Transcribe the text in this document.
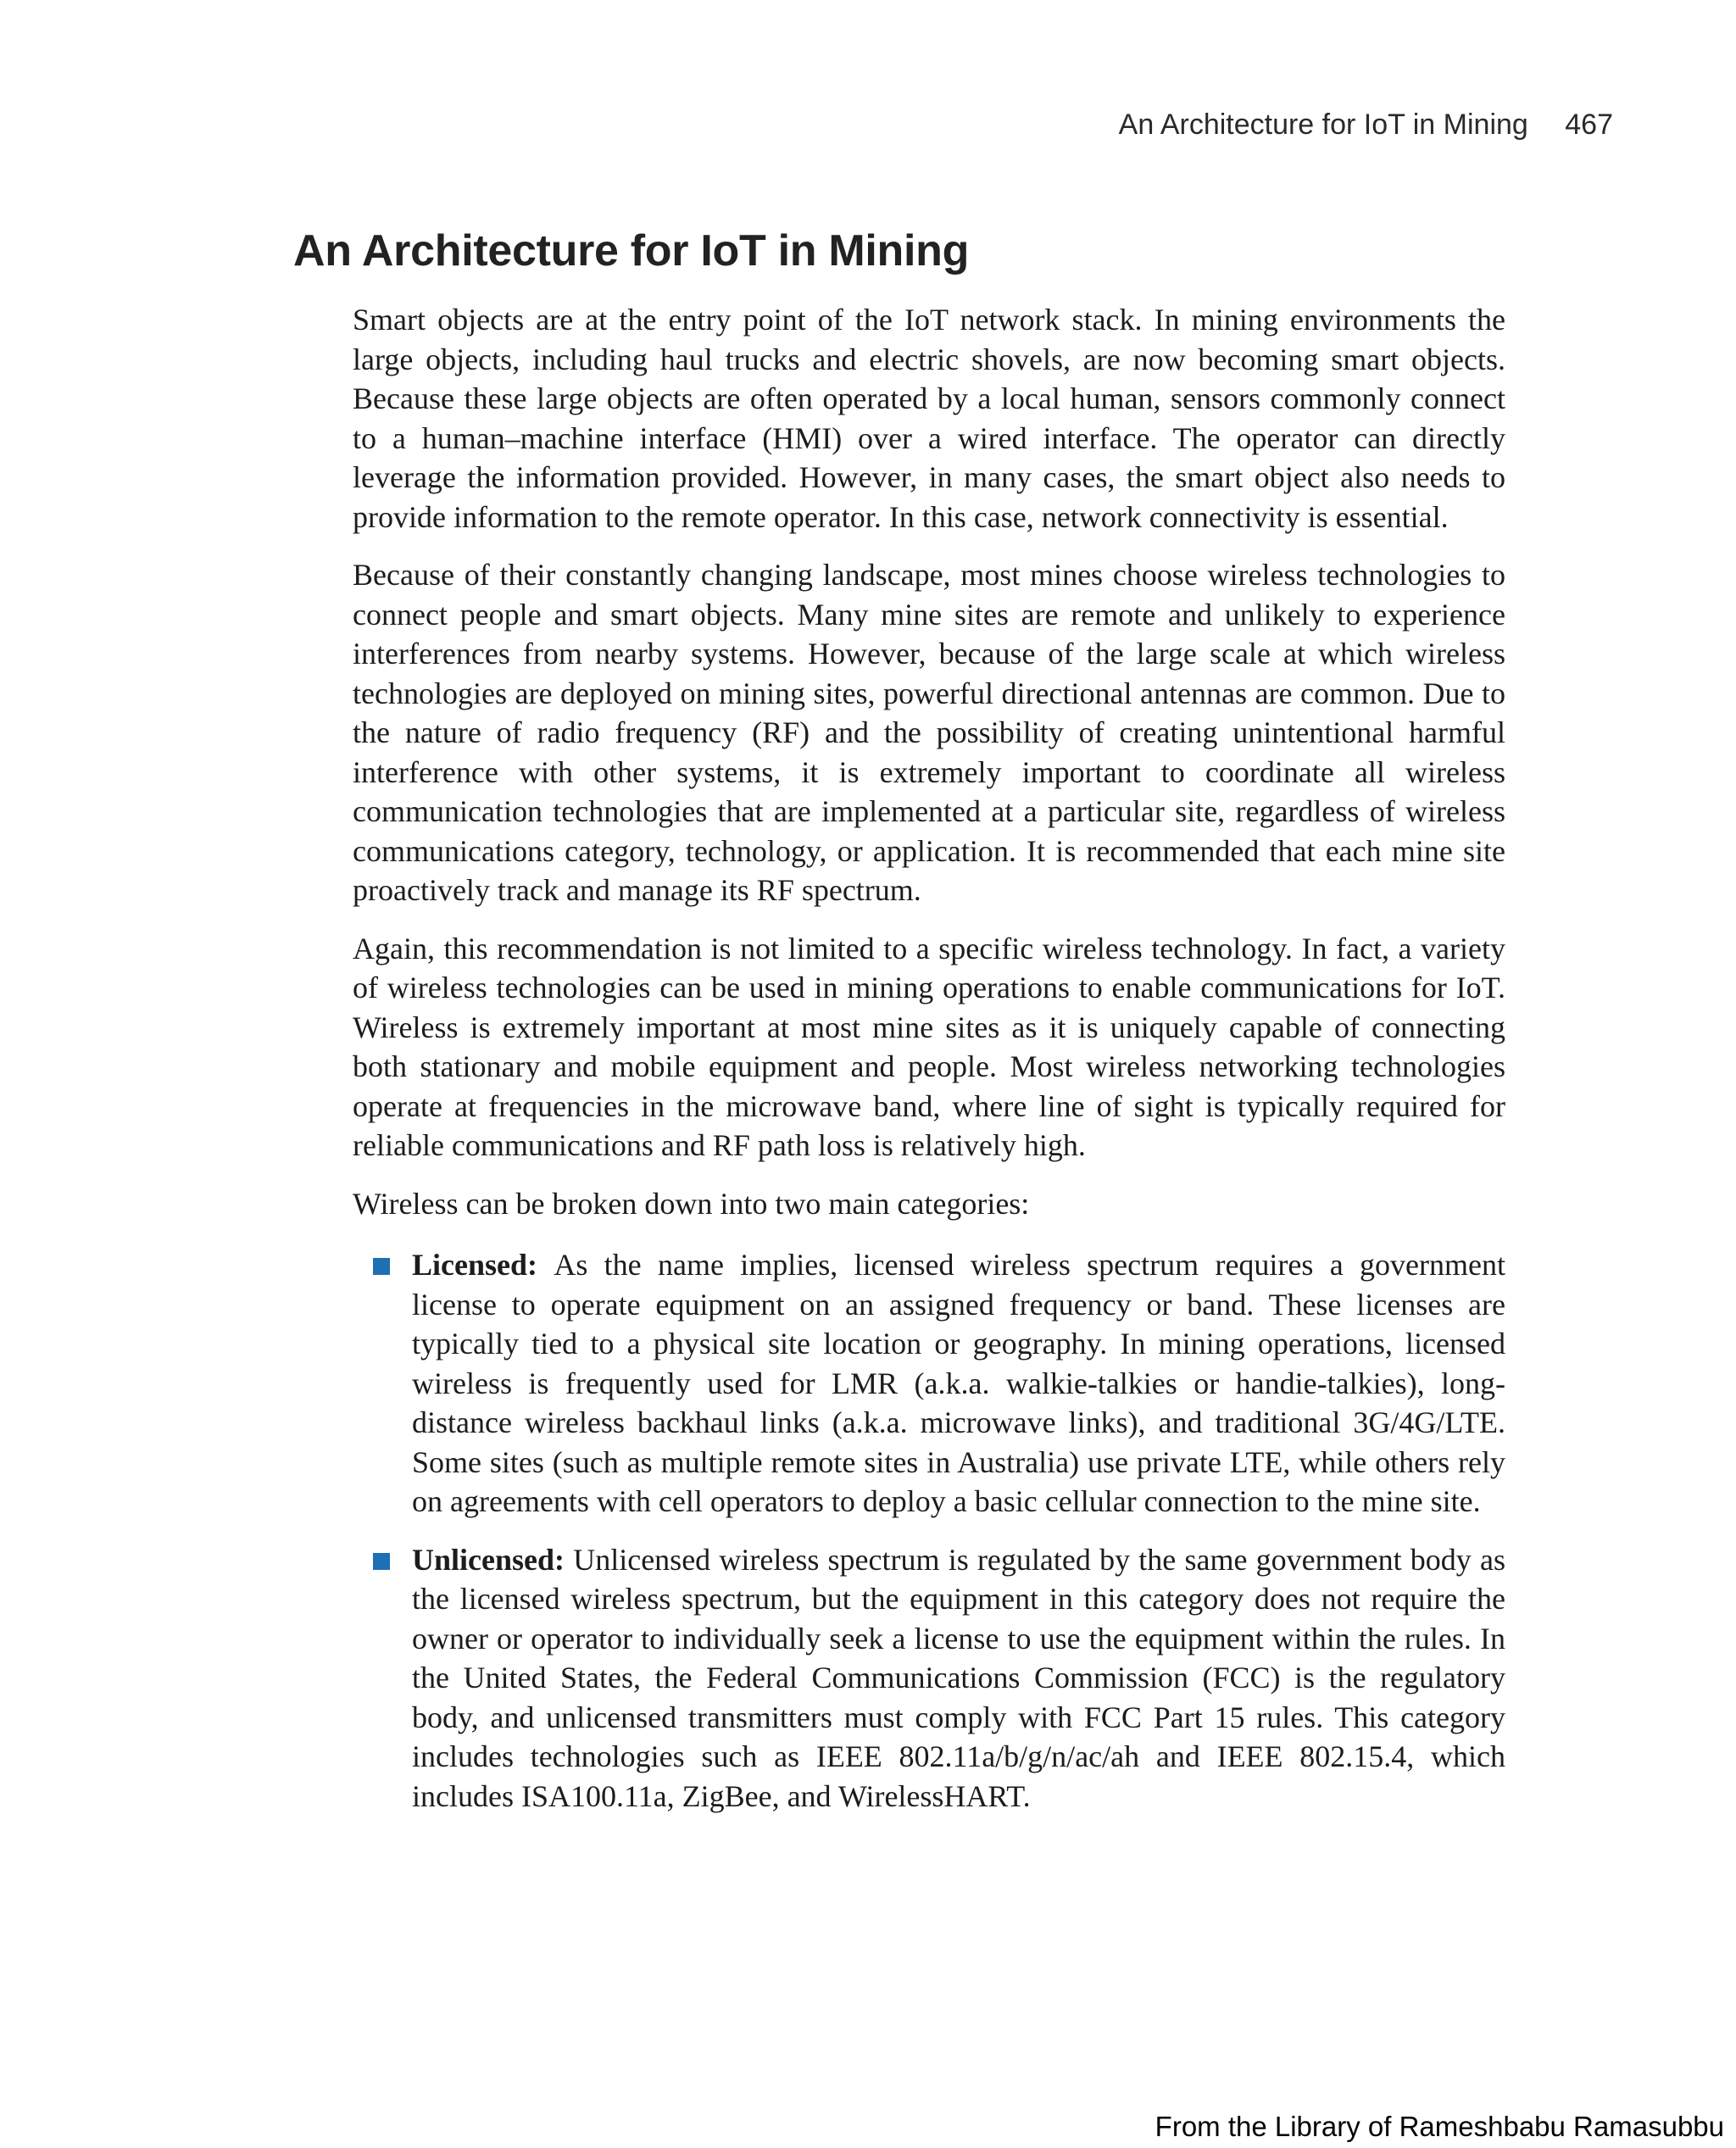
An Architecture for IoT in Mining 467
An Architecture for IoT in Mining

Smart objects are at the entry point of the IoT network stack. In mining environments the large objects, including haul trucks and electric shovels, are now becoming smart objects. Because these large objects are often operated by a local human, sensors commonly connect to a human–machine interface (HMI) over a wired interface. The operator can directly leverage the information provided. However, in many cases, the smart object also needs to provide information to the remote operator. In this case, network connectivity is essential.

Because of their constantly changing landscape, most mines choose wireless technologies to connect people and smart objects. Many mine sites are remote and unlikely to experience interferences from nearby systems. However, because of the large scale at which wireless technologies are deployed on mining sites, powerful directional antennas are common. Due to the nature of radio frequency (RF) and the possibility of creating unintentional harmful interference with other systems, it is extremely important to coordinate all wireless communication technologies that are implemented at a particular site, regardless of wireless communications category, technology, or application. It is recommended that each mine site proactively track and manage its RF spectrum.

Again, this recommendation is not limited to a specific wireless technology. In fact, a variety of wireless technologies can be used in mining operations to enable communications for IoT. Wireless is extremely important at most mine sites as it is uniquely capable of connecting both stationary and mobile equipment and people. Most wireless networking technologies operate at frequencies in the microwave band, where line of sight is typically required for reliable communications and RF path loss is relatively high.

Wireless can be broken down into two main categories:

Licensed: As the name implies, licensed wireless spectrum requires a government license to operate equipment on an assigned frequency or band. These licenses are typically tied to a physical site location or geography. In mining operations, licensed wireless is frequently used for LMR (a.k.a. walkie-talkies or handie-talkies), long-distance wireless backhaul links (a.k.a. microwave links), and traditional 3G/4G/LTE. Some sites (such as multiple remote sites in Australia) use private LTE, while others rely on agreements with cell operators to deploy a basic cellular connection to the mine site.
Unlicensed: Unlicensed wireless spectrum is regulated by the same government body as the licensed wireless spectrum, but the equipment in this category does not require the owner or operator to individually seek a license to use the equipment within the rules. In the United States, the Federal Communications Commission (FCC) is the regulatory body, and unlicensed transmitters must comply with FCC Part 15 rules. This category includes technologies such as IEEE 802.11a/b/g/n/ac/ah and IEEE 802.15.4, which includes ISA100.11a, ZigBee, and WirelessHART.
From the Library of Rameshbabu Ramasubbu
